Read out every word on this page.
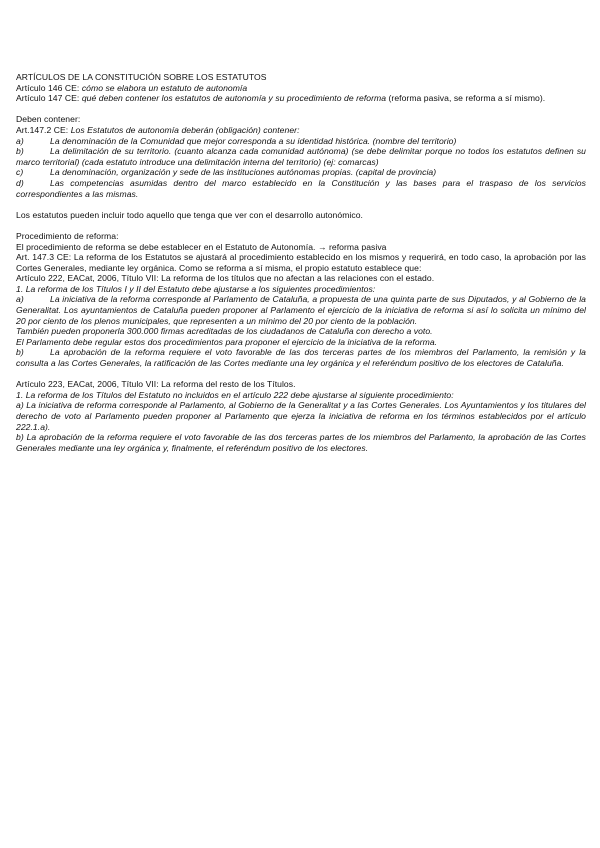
ARTÍCULOS DE LA CONSTITUCIÓN SOBRE LOS ESTATUTOS

Artículo 146 CE: cómo se elabora un estatuto de autonomía

Artículo 147 CE: qué deben contener los estatutos de autonomía y su procedimiento de reforma (reforma pasiva, se reforma a sí mismo).

Deben contener:

Art.147.2 CE: Los Estatutos de autonomía deberán (obligación) contener:

a)	La denominación de la Comunidad que mejor corresponda a su identidad histórica. (nombre del territorio)

b)	La delimitación de su territorio. (cuanto alcanza cada comunidad autónoma) (se debe delimitar porque no todos los estatutos definen su marco territorial) (cada estatuto introduce una delimitación interna del territorio) (ej: comarcas)

c)	La denominación, organización y sede de las instituciones autónomas propias. (capital de provincia)

d)	Las competencias asumidas dentro del marco establecido en la Constitución y las bases para el traspaso de los servicios correspondientes a las mismas.

Los estatutos pueden incluir todo aquello que tenga que ver con el desarrollo autonómico.

Procedimiento de reforma:

El procedimiento de reforma se debe establecer en el Estatuto de Autonomía. → reforma pasiva

Art. 147.3 CE: La reforma de los Estatutos se ajustará al procedimiento establecido en los mismos y requerirá, en todo caso, la aprobación por las Cortes Generales, mediante ley orgánica. Como se reforma a sí misma, el propio estatuto establece que:

Artículo 222, EACat, 2006, Título VII: La reforma de los títulos que no afectan a las relaciones con el estado.

1. La reforma de los Títulos I y II del Estatuto debe ajustarse a los siguientes procedimientos:

a)	La iniciativa de la reforma corresponde al Parlamento de Cataluña, a propuesta de una quinta parte de sus Diputados, y al Gobierno de la Generalitat. Los ayuntamientos de Cataluña pueden proponer al Parlamento el ejercicio de la iniciativa de reforma si así lo solicita un mínimo del 20 por ciento de los plenos municipales, que representen a un mínimo del 20 por ciento de la población.

También pueden proponerla 300.000 firmas acreditadas de los ciudadanos de Cataluña con derecho a voto.

El Parlamento debe regular estos dos procedimientos para proponer el ejercicio de la iniciativa de la reforma.

b)	La aprobación de la reforma requiere el voto favorable de las dos terceras partes de los miembros del Parlamento, la remisión y la consulta a las Cortes Generales, la ratificación de las Cortes mediante una ley orgánica y el referéndum positivo de los electores de Cataluña.

Artículo 223, EACat, 2006, Título VII: La reforma del resto de los Títulos.

1. La reforma de los Títulos del Estatuto no incluidos en el artículo 222 debe ajustarse al siguiente procedimiento:

a) La iniciativa de reforma corresponde al Parlamento, al Gobierno de la Generalitat y a las Cortes Generales. Los Ayuntamientos y los titulares del derecho de voto al Parlamento pueden proponer al Parlamento que ejerza la iniciativa de reforma en los términos establecidos por el artículo 222.1.a).

b) La aprobación de la reforma requiere el voto favorable de las dos terceras partes de los miembros del Parlamento, la aprobación de las Cortes Generales mediante una ley orgánica y, finalmente, el referéndum positivo de los electores.
